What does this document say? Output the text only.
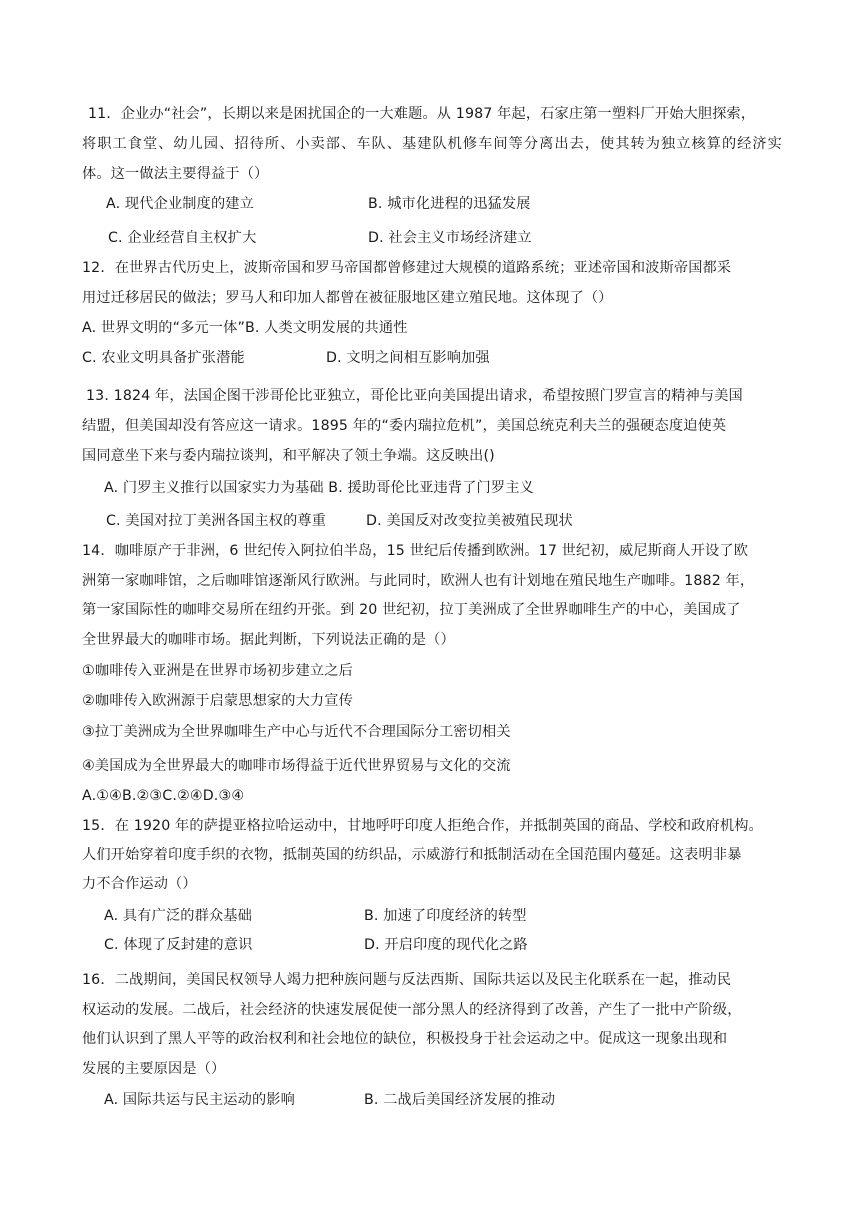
11．企业办“社会”，长期以来是困扰国企的一大难题。从 1987 年起，石家庄第一塑料厂开始大胆探索，
将职工食堂、幼儿园、招待所、小卖部、车队、基建队机修车间等分离出去，使其转为独立核算的经济实
体。这一做法主要得益于（）
A. 现代企业制度的建立	B. 城市化进程的迅猛发展
C. 企业经营自主权扩大	D. 社会主义市场经济建立
12．在世界古代历史上，波斯帝国和罗马帝国都曾修建过大规模的道路系统；亚述帝国和波斯帝国都采
用过迁移居民的做法；罗马人和印加人都曾在被征服地区建立殖民地。这体现了（）
A. 世界文明的“多元一体”B. 人类文明发展的共通性
C. 农业文明具备扩张潜能	D. 文明之间相互影响加强
13. 1824 年，法国企图干涉哥伦比亚独立，哥伦比亚向美国提出请求，希望按照门罗宣言的精神与美国
结盟，但美国却没有答应这一请求。1895 年的“委内瑞拉危机”，美国总统克利夫兰的强硬态度迫使英
国同意坐下来与委内瑞拉谈判，和平解决了领土争端。这反映出()
A. 门罗主义推行以国家实力为基础 B. 援助哥伦比亚违背了门罗主义
C. 美国对拉丁美洲各国主权的尊重	D. 美国反对改变拉美被殖民现状
14．咖啡原产于非洲，6 世纪传入阿拉伯半岛，15 世纪后传播到欧洲。17 世纪初，威尼斯商人开设了欧
洲第一家咖啡馆，之后咖啡馆逐渐风行欧洲。与此同时，欧洲人也有计划地在殖民地生产咖啡。1882 年，
第一家国际性的咖啡交易所在纽约开张。到 20 世纪初，拉丁美洲成了全世界咖啡生产的中心，美国成了
全世界最大的咖啡市场。据此判断，下列说法正确的是（）
①咖啡传入亚洲是在世界市场初步建立之后
②咖啡传入欧洲源于启蒙思想家的大力宣传
③拉丁美洲成为全世界咖啡生产中心与近代不合理国际分工密切相关
④美国成为全世界最大的咖啡市场得益于近代世界贸易与文化的交流
A.①④B.②③C.②④D.③④
15．在 1920 年的萨提亚格拉哈运动中，甘地呼吁印度人拒绝合作，并抵制英国的商品、学校和政府机构。
人们开始穿着印度手织的衣物，抵制英国的纺织品，示威游行和抵制活动在全国范围内蔓延。这表明非暴
力不合作运动（）
A. 具有广泛的群众基础	B. 加速了印度经济的转型
C. 体现了反封建的意识	D. 开启印度的现代化之路
16．二战期间，美国民权领导人竭力把种族问题与反法西斯、国际共运以及民主化联系在一起，推动民
权运动的发展。二战后，社会经济的快速发展促使一部分黑人的经济得到了改善，产生了一批中产阶级，
他们认识到了黑人平等的政治权利和社会地位的缺位，积极投身于社会运动之中。促成这一现象出现和
发展的主要原因是（）
A. 国际共运与民主运动的影响	B. 二战后美国经济发展的推动
